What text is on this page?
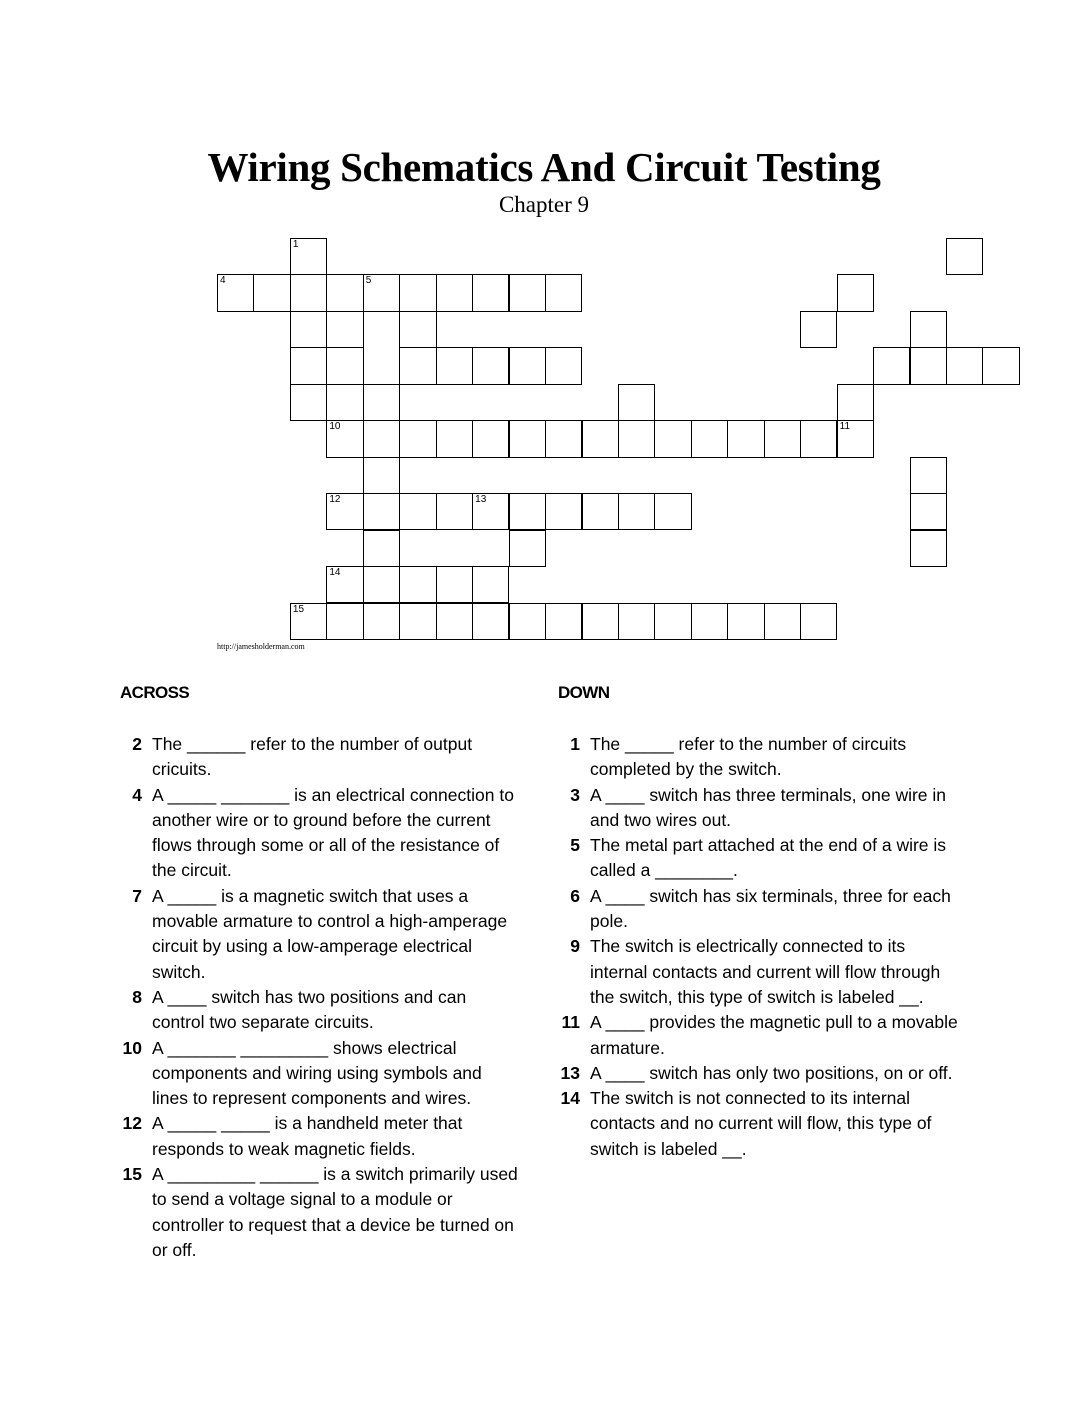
Wiring Schematics And Circuit Testing
Chapter 9
1
4	5
10	11
12	13
14
15
http://jamesholderman.com
ACROSS	DOWN
2 The ______ refer to the number of output cricuits.
4 A _____ _______ is an electrical connection to another wire or to ground before the current flows through some or all of the resistance of the circuit.
7 A _____ is a magnetic switch that uses a movable armature to control a high-amperage circuit by using a low-amperage electrical switch.
8 A ____ switch has two positions and can control two separate circuits.
10 A _______ _________ shows electrical components and wiring using symbols and lines to represent components and wires.
12 A _____ _____ is a handheld meter that responds to weak magnetic fields.
15 A _________ ______ is a switch primarily used to send a voltage signal to a module or controller to request that a device be turned on or off.
1 The _____ refer to the number of circuits completed by the switch.
3 A ____ switch has three terminals, one wire in and two wires out.
5 The metal part attached at the end of a wire is called a ________.
6 A ____ switch has six terminals, three for each pole.
9 The switch is electrically connected to its internal contacts and current will flow through the switch, this type of switch is labeled __.
11 A ____ provides the magnetic pull to a movable armature.
13 A ____ switch has only two positions, on or off.
14 The switch is not connected to its internal contacts and no current will flow, this type of switch is labeled __.
